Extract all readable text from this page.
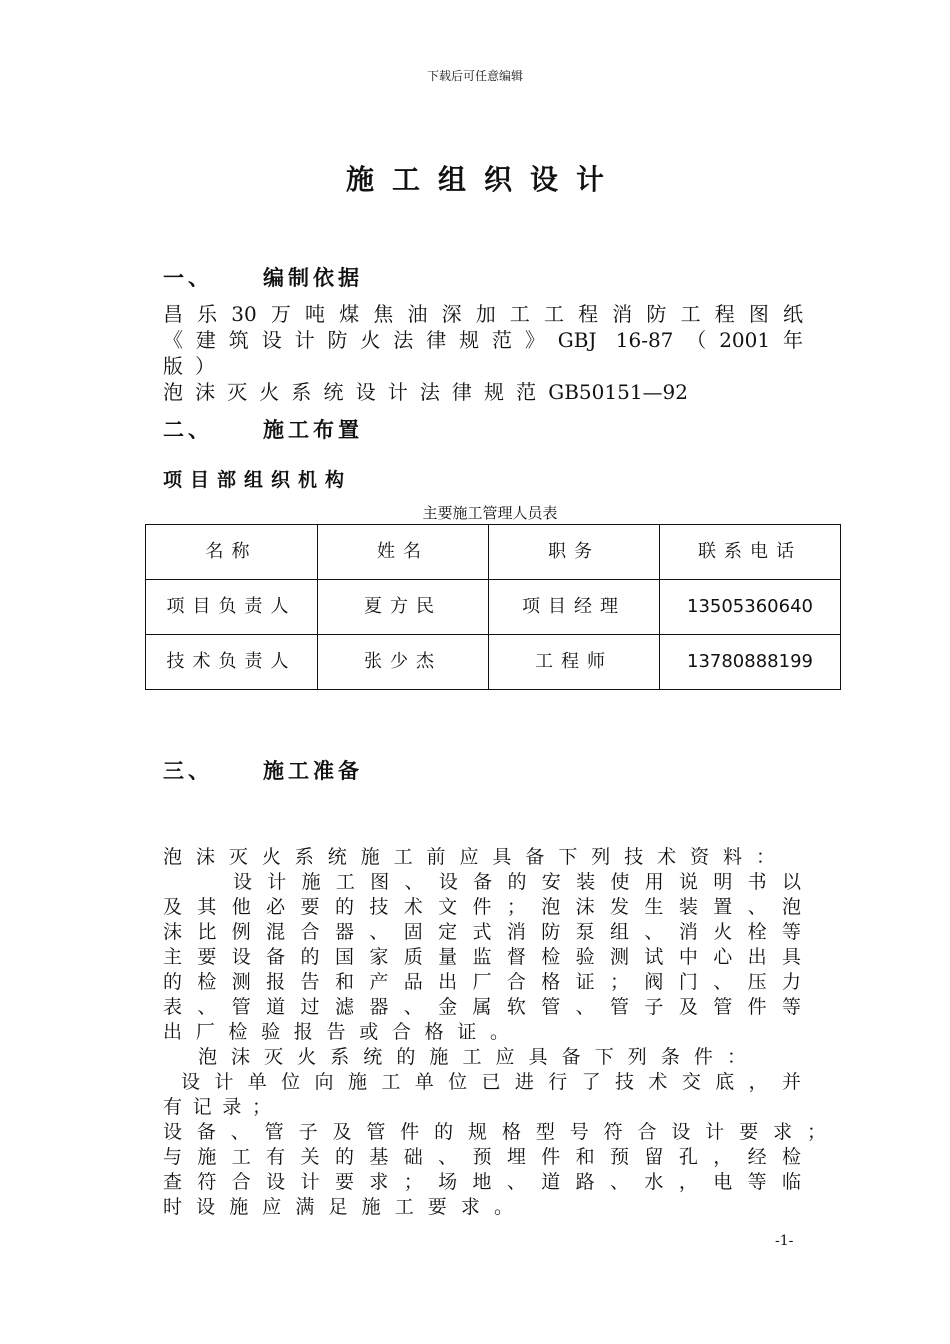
下载后可任意编辑
施工组织设计
一、 编制依据
昌乐30万吨煤焦油深加工工程消防工程图纸
《建筑设计防火法律规范》GBJ 16-87（2001年
版）
泡沫灭火系统设计法律规范GB50151—92
二、 施工布置
项目部组织机构
主要施工管理人员表
名称	姓名	职务	联系电话
项目负责人	夏方民	项目经理	13505360640
技术负责人	张少杰	工程师	13780888199
三、 施工准备
泡沫灭火系统施工前应具备下列技术资料：
设计施工图、设备的安装使用说明书以
及其他必要的技术文件；泡沫发生装置、泡
沫比例混合器、固定式消防泵组、消火栓等
主要设备的国家质量监督检验测试中心出具
的检测报告和产品出厂合格证；阀门、压力
表、管道过滤器、金属软管、管子及管件等
出厂检验报告或合格证。
泡沫灭火系统的施工应具备下列条件：
设计单位向施工单位已进行了技术交底，并
有记录；
设备、管子及管件的规格型号符合设计要求；
与施工有关的基础、预埋件和预留孔，经检
查符合设计要求；场地、道路、水，电等临
时设施应满足施工要求。
-1-
